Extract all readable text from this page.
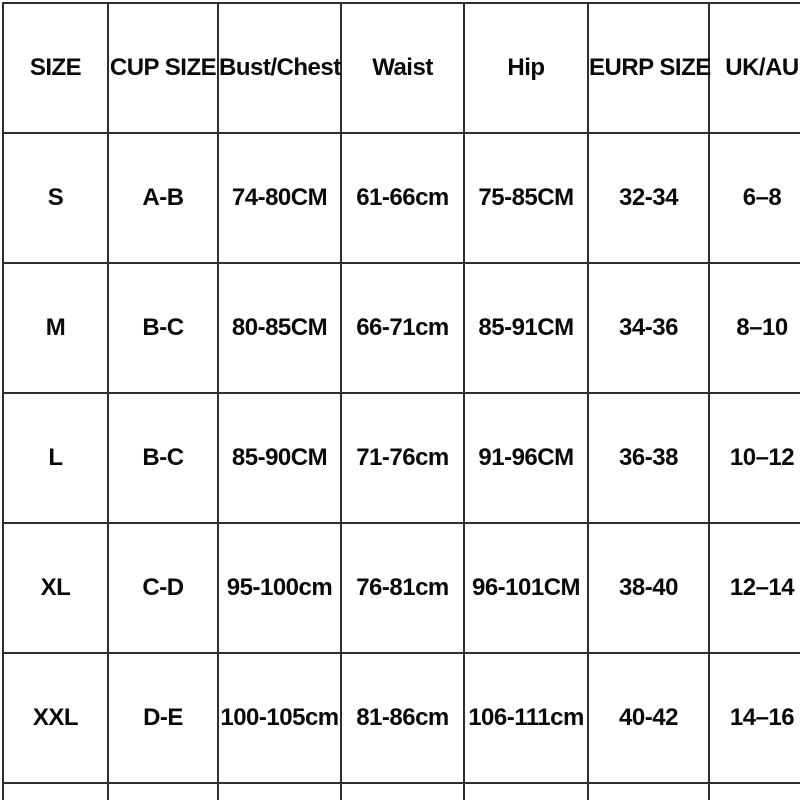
SIZE	CUP SIZE	Bust/Chest	Waist	Hip	EURP SIZE	UK/AU
S	A-B	74-80CM	61-66cm	75-85CM	32-34	6–8
M	B-C	80-85CM	66-71cm	85-91CM	34-36	8–10
L	B-C	85-90CM	71-76cm	91-96CM	36-38	10–12
XL	C-D	95-100cm	76-81cm	96-101CM	38-40	12–14
XXL	D-E	100-105cm	81-86cm	106-111cm	40-42	14–16
